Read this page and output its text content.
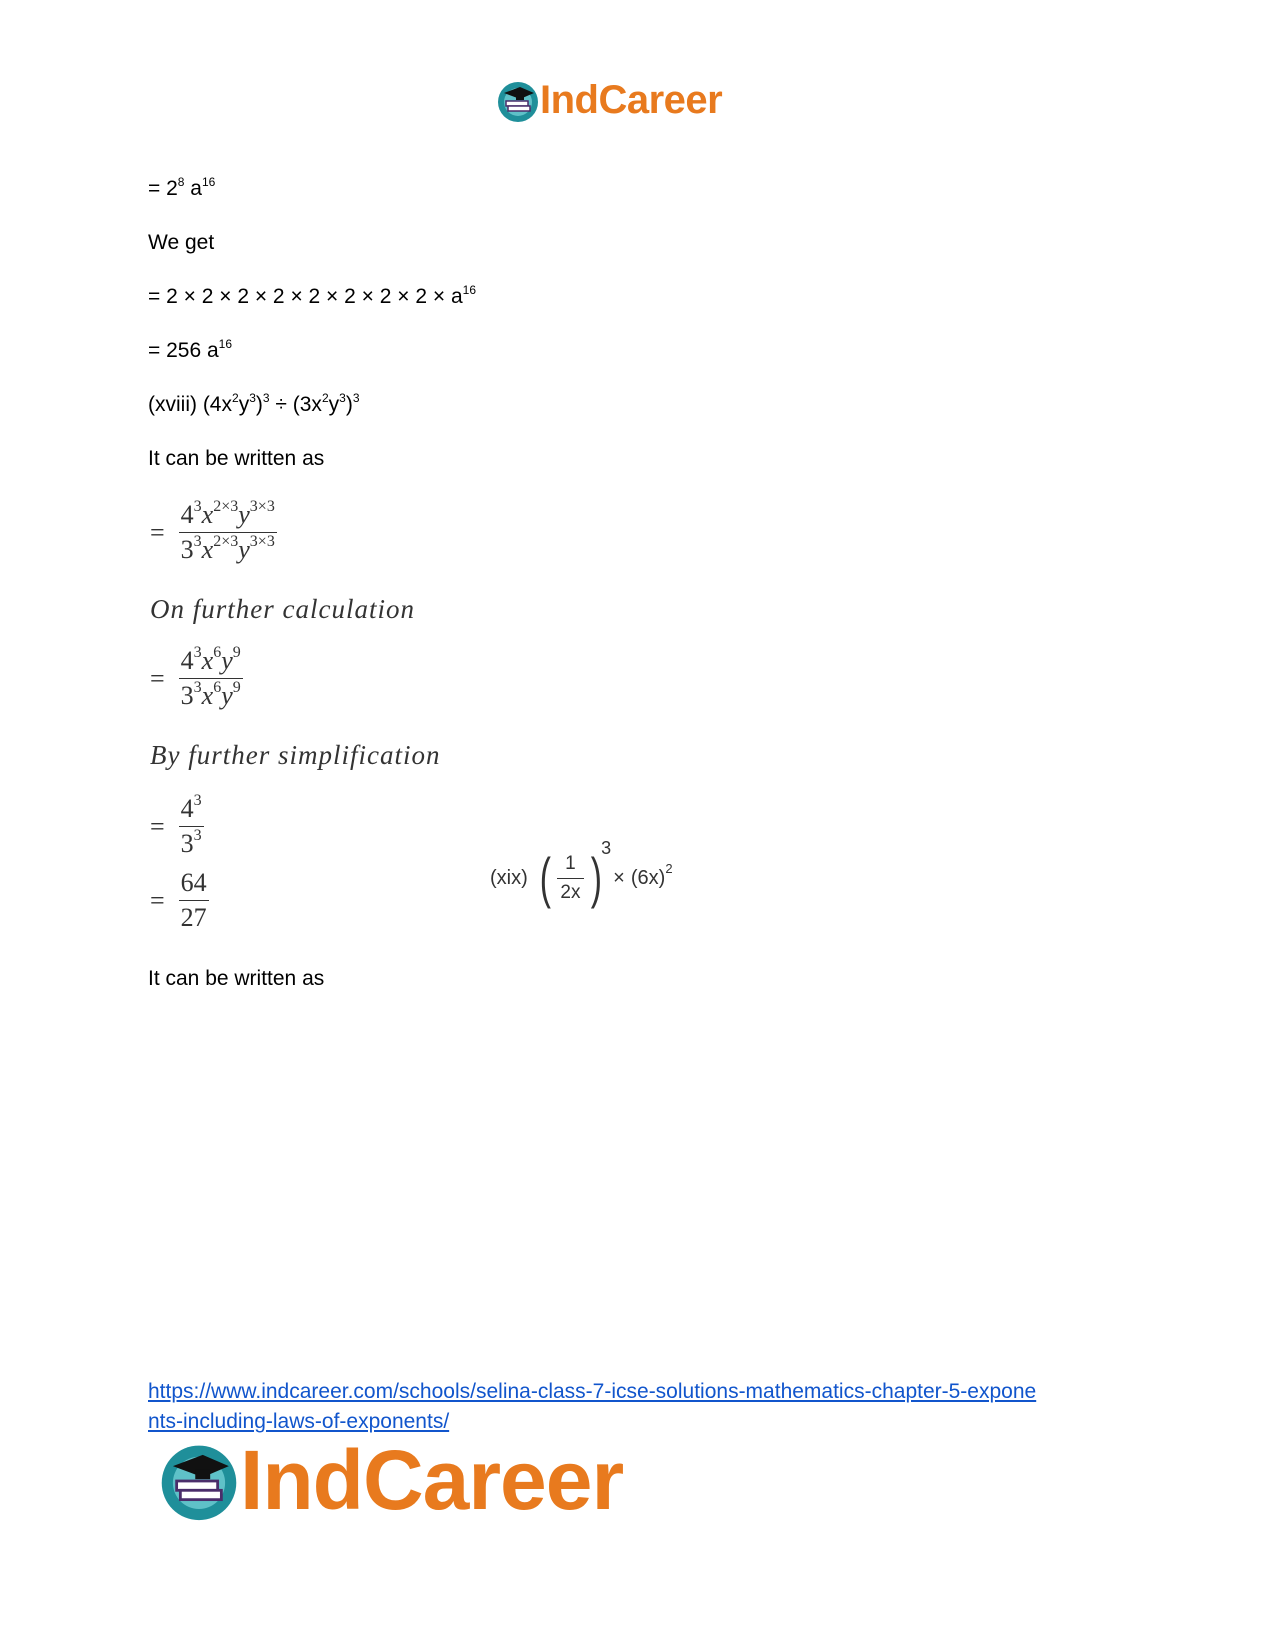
IndCareer
= $2^8$ $a^{16}$
We get
= $2 \times 2 \times 2 \times 2 \times 2 \times 2 \times 2 \times 2 \times a^{16}$
= 256 $a^{16}$
(xviii) $(4x^2y^3)^3 \div (3x^2y^3)^3$
It can be written as
= $\frac{4^3x^{2\times 3}y^{3\times 3}}{3^3x^{2\times 3}y^{3\times 3}}$
On further calculation
= $\frac{4^3x^6y^9}{3^3x^6y^9}$
By further simplification
= $\frac{4^3}{3^3}$
= $\frac{64}{27}$	(xix) ( $\frac{1}{2x}$ ) 3
× (6x) 2
It can be written as
https://www.indcareer.com/schools/selina-class-7-icse-solutions-mathematics-chapter-5-expone
nts-including-laws-of-exponents/
IndCareer
